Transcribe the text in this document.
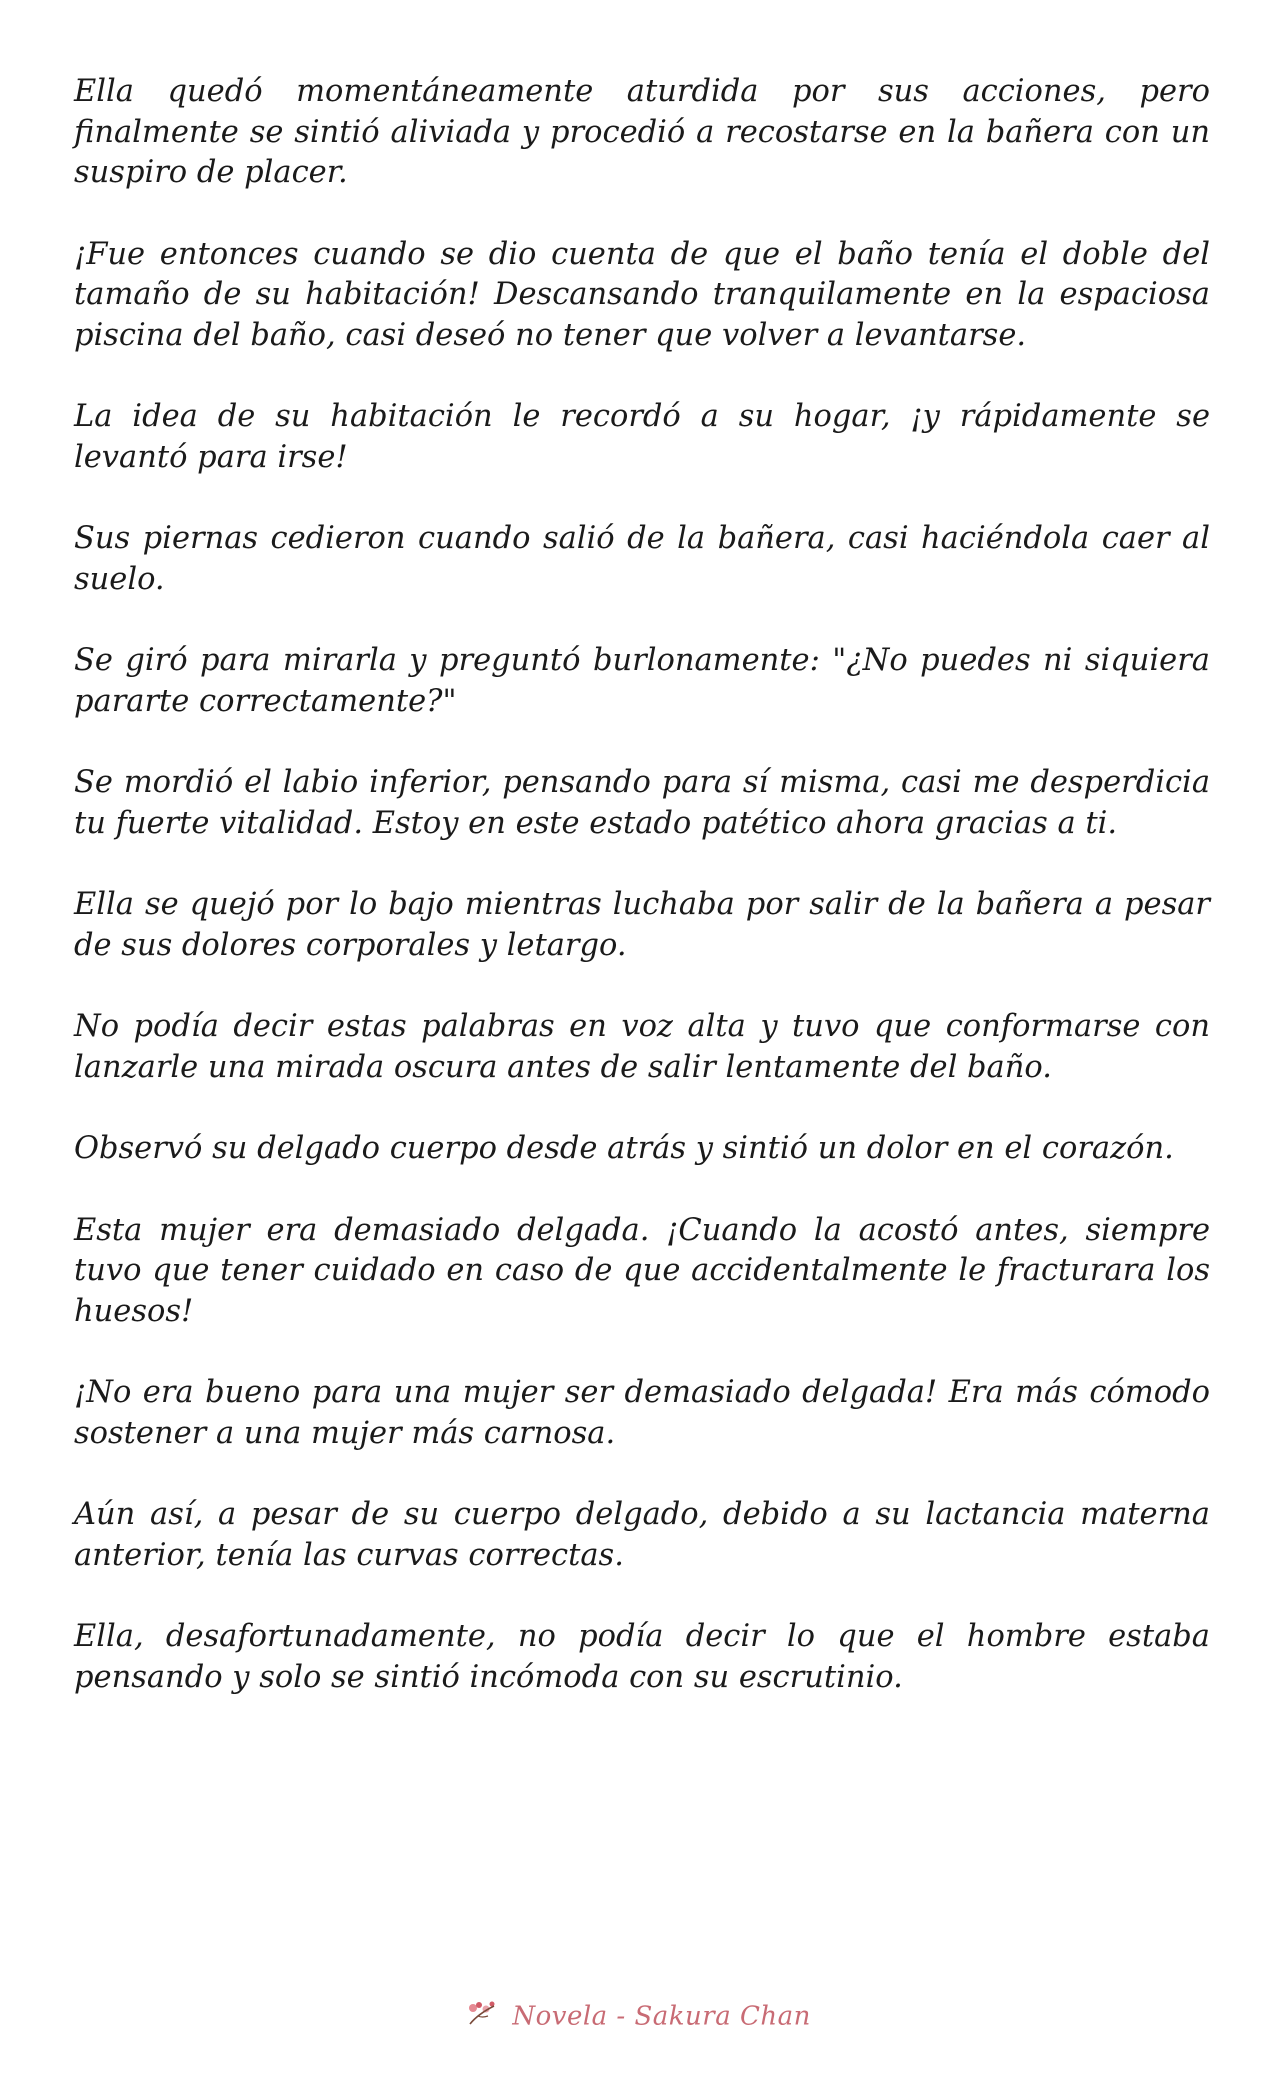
Ella quedó momentáneamente aturdida por sus acciones, pero finalmente se sintió aliviada y procedió a recostarse en la bañera con un suspiro de placer.

¡Fue entonces cuando se dio cuenta de que el baño tenía el doble del tamaño de su habitación! Descansando tranquilamente en la espaciosa piscina del baño, casi deseó no tener que volver a levantarse.

La idea de su habitación le recordó a su hogar, ¡y rápidamente se levantó para irse!

Sus piernas cedieron cuando salió de la bañera, casi haciéndola caer al suelo.

Se giró para mirarla y preguntó burlonamente: "¿No puedes ni siquiera pararte correctamente?"

Se mordió el labio inferior, pensando para sí misma, casi me desperdicia tu fuerte vitalidad. Estoy en este estado patético ahora gracias a ti.

Ella se quejó por lo bajo mientras luchaba por salir de la bañera a pesar de sus dolores corporales y letargo.

No podía decir estas palabras en voz alta y tuvo que conformarse con lanzarle una mirada oscura antes de salir lentamente del baño.

Observó su delgado cuerpo desde atrás y sintió un dolor en el corazón.

Esta mujer era demasiado delgada. ¡Cuando la acostó antes, siempre tuvo que tener cuidado en caso de que accidentalmente le fracturara los huesos!

¡No era bueno para una mujer ser demasiado delgada! Era más cómodo sostener a una mujer más carnosa.

Aún así, a pesar de su cuerpo delgado, debido a su lactancia materna anterior, tenía las curvas correctas.

Ella, desafortunadamente, no podía decir lo que el hombre estaba pensando y solo se sintió incómoda con su escrutinio.

Novela - Sakura Chan
